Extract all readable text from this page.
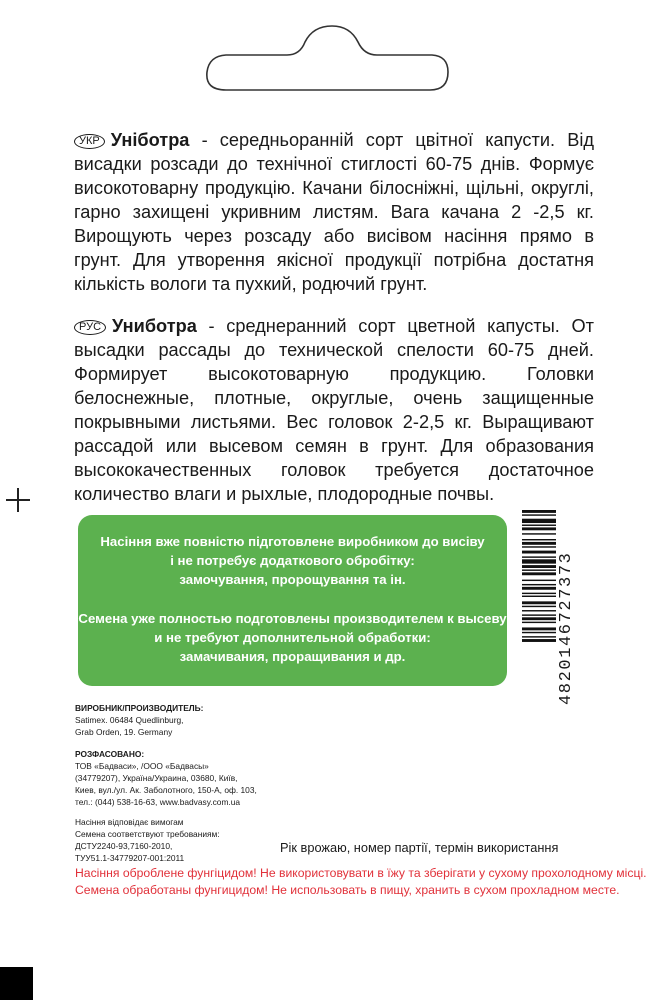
УКР Уніботра - середньоранній сорт цвітної капусти. Від висадки розсади до технічної стиглості 60-75 днів. Формує високотоварну продукцію. Качани білосніжні, щільні, округлі, гарно захищені укривним листям. Вага качана 2 -2,5 кг. Вирощують через розсаду або висівом насіння прямо в грунт. Для утворення якісної продукції потрібна достатня кількість вологи та пухкий, родючий грунт.
РУС Униботра - среднеранний сорт цветной капусты. От высадки рассады до технической спелости 60-75 дней. Формирует высокотоварную продукцию. Головки белоснежные, плотные, округлые, очень защищенные покрывными листьями. Вес головок 2-2,5 кг. Выращивают рассадой или высевом семян в грунт. Для образования высококачественных головок требуется достаточное количество влаги и рыхлые, плодородные почвы.
Насіння вже повністю підготовлене виробником до висіву
і не потребує додаткового обробітку:
замочування, пророщування та ін.
Семена уже полностью подготовлены производителем к высеву
и не требуют дополнительной обработки:
замачивания, проращивания и др.	4820146727373
ВИРОБНИК/ПРОИЗВОДИТЕЛЬ:
Satimex. 06484 Quedlinburg,
Grab Orden, 19. Germany
РОЗФАСОВАНО:
ТОВ «Бадваси», /ООО «Бадвасы»
(34779207), Україна/Украина, 03680, Київ,
Киев, вул./ул. Ак. Заболотного, 150-А, оф. 103,
тел.: (044) 538-16-63, www.badvasy.com.ua
Насіння відповідає вимогам
Семена соответствуют требованиям:
ДСТУ2240-93,7160-2010,
ТУУ51.1-34779207-001:2011
Рік врожаю, номер партії, термін використання
Насіння оброблене фунгіцидом! Не використовувати в їжу та зберігати у сухому прохолодному місці.
Семена обработаны фунгицидом! Не использовать в пищу, хранить в сухом прохладном месте.
